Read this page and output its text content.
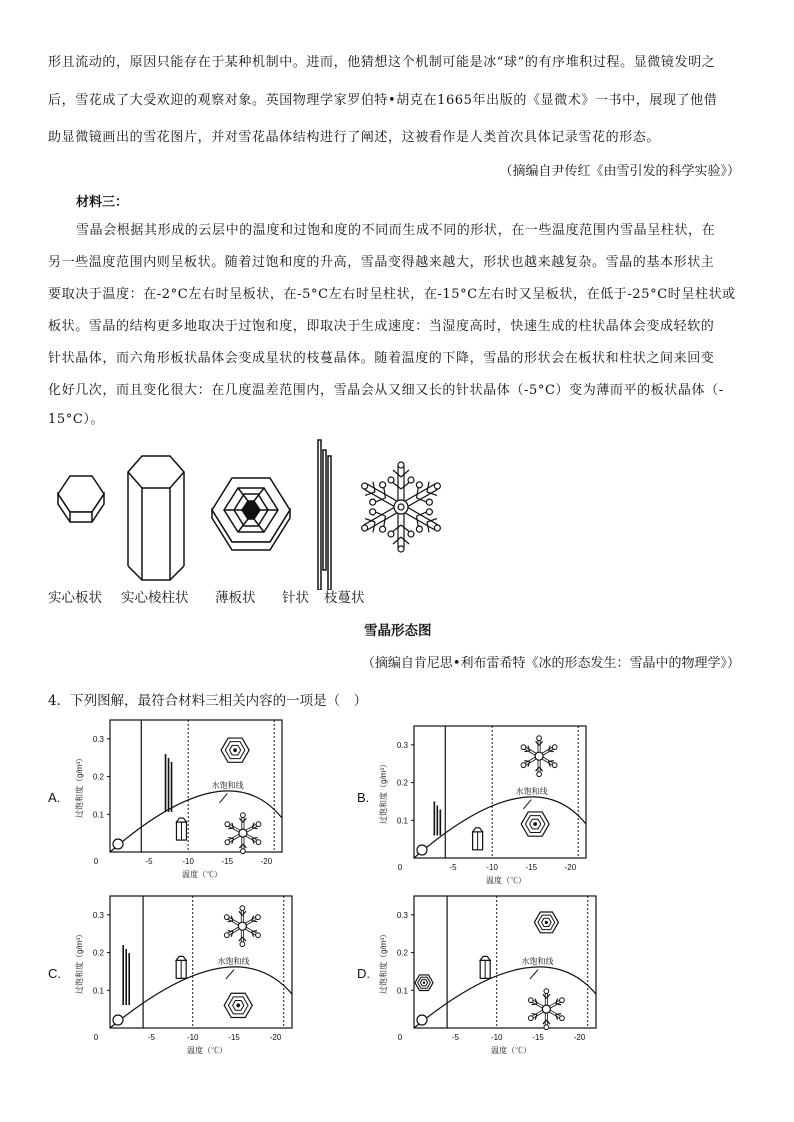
形且流动的，原因只能存在于某种机制中。进而，他猜想这个机制可能是冰“球”的有序堆积过程。显微镜发明之
后，雪花成了大受欢迎的观察对象。英国物理学家罗伯特•胡克在1665年出版的《显微术》一书中，展现了他借
助显微镜画出的雪花图片，并对雪花晶体结构进行了阐述，这被看作是人类首次具体记录雪花的形态。
（摘编自尹传红《由雪引发的科学实验》）
材料三：
雪晶会根据其形成的云层中的温度和过饱和度的不同而生成不同的形状，在一些温度范围内雪晶呈柱状，在
另一些温度范围内则呈板状。随着过饱和度的升高，雪晶变得越来越大，形状也越来越复杂。雪晶的基本形状主
要取决于温度：在-2°C左右时呈板状，在-5°C左右时呈柱状，在-15°C左右时又呈板状，在低于-25°C时呈柱状或
板状。雪晶的结构更多地取决于过饱和度，即取决于生成速度：当湿度高时，快速生成的柱状晶体会变成轻软的
针状晶体，而六角形板状晶体会变成星状的枝蔓晶体。随着温度的下降，雪晶的形状会在板状和柱状之间来回变
化好几次，而且变化很大：在几度温差范围内，雪晶会从又细又长的针状晶体（-5°C）变为薄而平的板状晶体（-
15°C）。
实心板状 实心棱柱状 薄板状 针状 枝蔓状
雪晶形态图
（摘编自肯尼思•利布雷希特《冰的形态发生：雪晶中的物理学》）
4．下列图解，最符合材料三相关内容的一项是（　）
A.	B.
C.	D.
0.3
0.2
0.1
0	-5	-10	-15	-20
水饱和线
过饱和度（g/m³）
温度（℃）
0.3
0.2
0.1
0	-5	-10	-15	-20
水饱和线
过饱和度（g/m³）
温度（℃）
0.3
0.2
0.1
0	-5	-10	-15	-20
水饱和线
过饱和度（g/m³）
温度（℃）
0.3
0.2
0.1
0	-5	-10	-15	-20
水饱和线
过饱和度（g/m³）
温度（℃）
